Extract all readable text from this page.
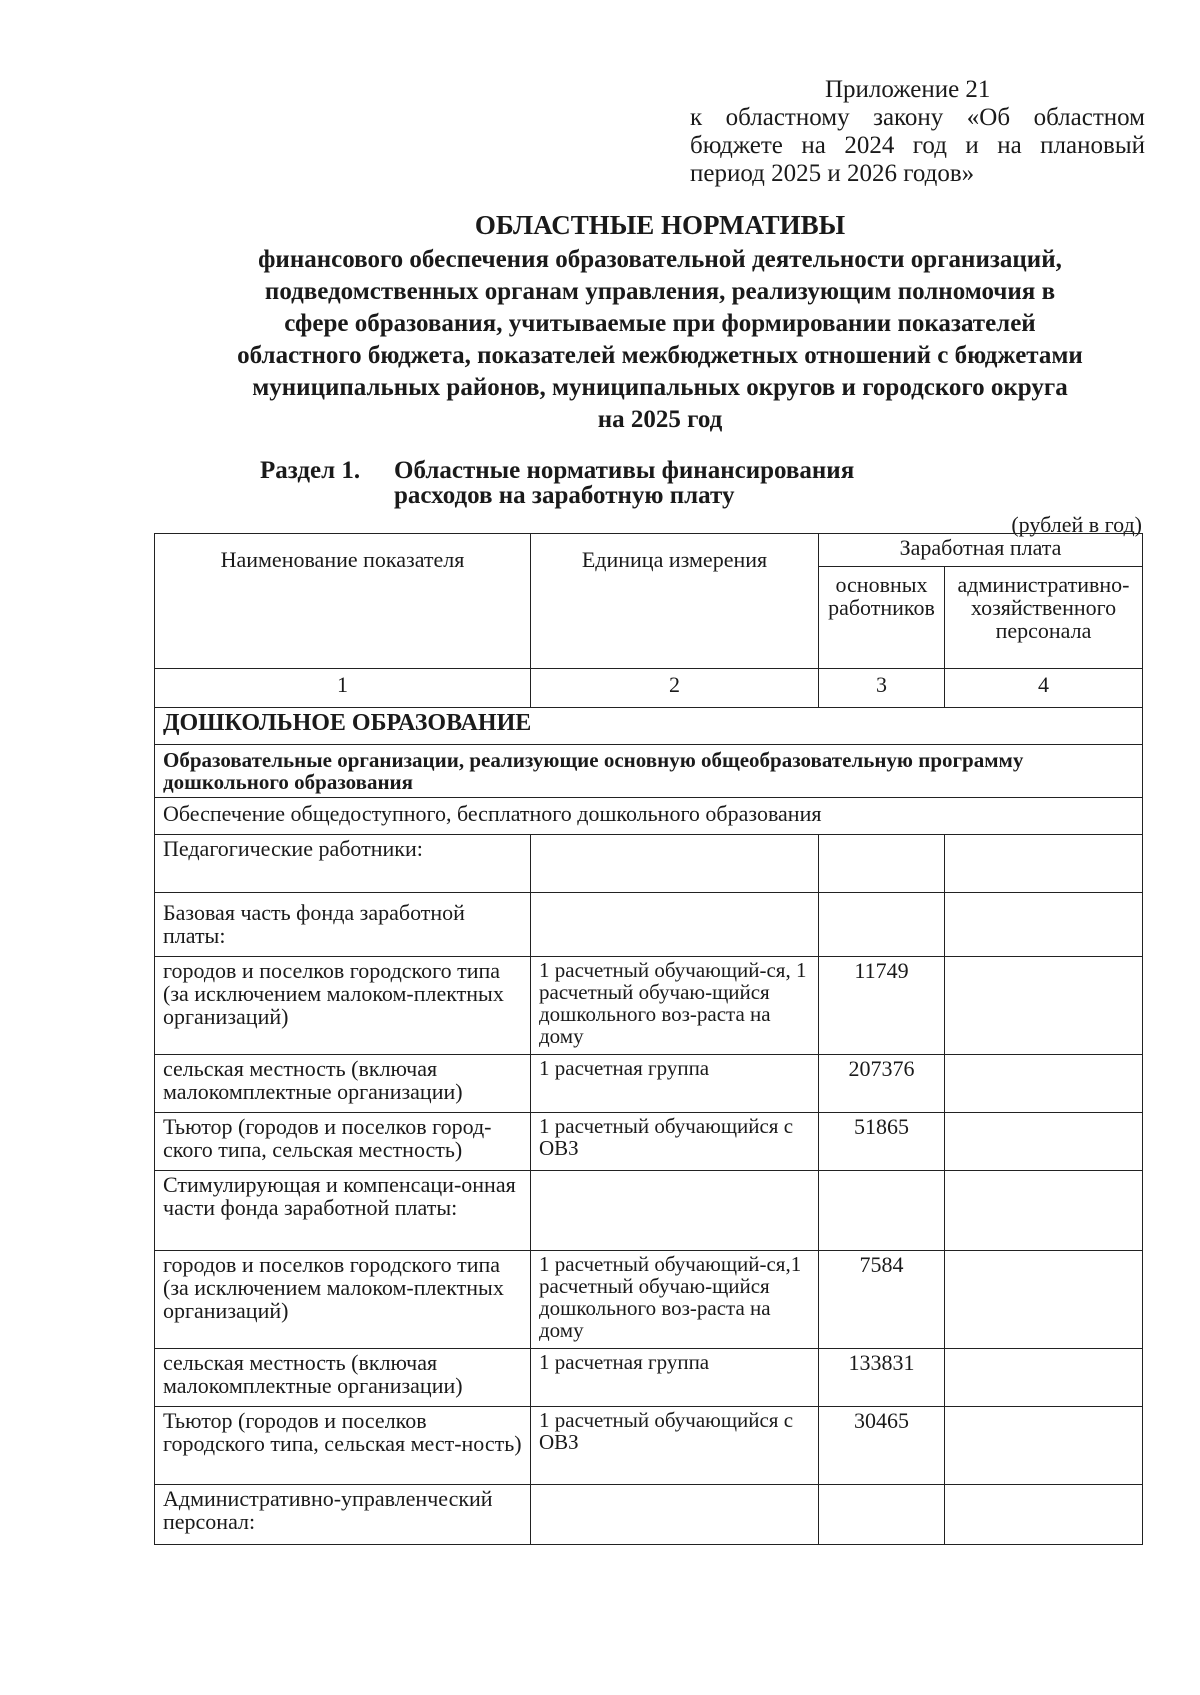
Приложение 21
к областному закону «Об областном
бюджете на 2024 год и на плановый
период 2025 и 2026 годов»
ОБЛАСТНЫЕ НОРМАТИВЫ
финансового обеспечения образовательной деятельности организаций,
подведомственных органам управления, реализующим полномочия в
сфере образования, учитываемые при формировании показателей
областного бюджета, показателей межбюджетных отношений с бюджетами
муниципальных районов, муниципальных округов и городского округа
на 2025 год
Раздел 1. Областные нормативы финансирования
расходов на заработную плату
(рублей в год)
Наименование показателя	Единица измерения	Заработная плата	
		основных работников	административно-хозяйственного персонала
1	2	3	4
ДОШКОЛЬНОЕ ОБРАЗОВАНИЕ			
Образовательные организации, реализующие основную общеобразовательную программу дошкольного образования			
Обеспечение общедоступного, бесплатного дошкольного образования			
Педагогические работники:			
Базовая часть фонда заработной платы:			
городов и поселков городского типа (за исключением малоком-плектных организаций)	1 расчетный обучающий-ся, 1 расчетный обучаю-щийся дошкольного воз-раста на дому	11749	
сельская местность (включая малокомплектные организации)	1 расчетная группа	207376	
Тьютор (городов и поселков город-ского типа, сельская местность)	1 расчетный обучающийся с ОВЗ	51865	
Стимулирующая и компенсаци-онная части фонда заработной платы:			
городов и поселков городского типа (за исключением малоком-плектных организаций)	1 расчетный обучающий-ся,1 расчетный обучаю-щийся дошкольного воз-раста на дому	7584	
сельская местность (включая малокомплектные организации)	1 расчетная группа	133831	
Тьютор (городов и поселков городского типа, сельская мест-ность)	1 расчетный обучающийся с ОВЗ	30465	
Административно-управленческий персонал:			
